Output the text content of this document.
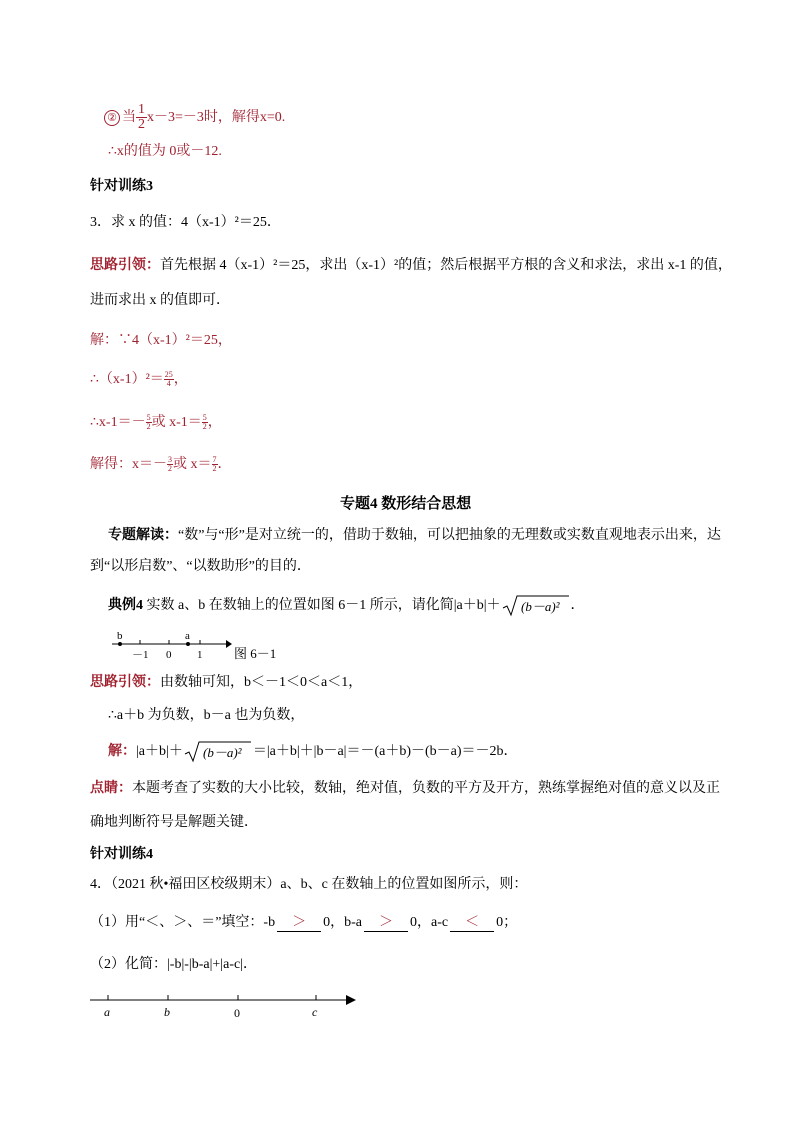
② 当 $\frac{1}{2} x-3=-3$时，解得x=0.
∴x的值为 0或－12.
针对训练3
3．求 x 的值：4（x-1）²＝25．
思路引领：首先根据 4（x-1）²＝25，求出（x-1）²的值；然后根据平方根的含义和求法，求出 x-1 的值，
进而求出 x 的值即可．
解：∵4（x-1）²＝25，
∴（x-1）²＝ $\frac{25}{4}$ ，
∴x-1＝－ $\frac{5}{2}$ 或 $x-1= \frac{5}{2}$ ，
解得：$x=- \frac{3}{2}$ 或 $x= \frac{7}{2}$ ．
专题4 数形结合思想
专题解读：“数”与“形”是对立统一的，借助于数轴，可以把抽象的无理数或实数直观地表示出来，达
到“以形启数”、“以数助形”的目的．
典例4 实数 a、b 在数轴上的位置如图 6－1 所示，请化简|a＋b|＋ (b－a)² ．
b	a
－1 0 1 图 6－1
思路引领：由数轴可知，b＜－1＜0＜a＜1，
∴a＋b 为负数，b－a 也为负数，
解：|a＋b|＋ (b－a)² ＝|a＋b|＋|b－a|＝－(a＋b)－(b－a)＝－2b．
点睛：本题考查了实数的大小比较，数轴，绝对值，负数的平方及开方，熟练掌握绝对值的意义以及正
确地判断符号是解题关键．
针对训练4
4．（2021 秋•福田区校级期末）a、b、c 在数轴上的位置如图所示，则：
（1）用“＜、＞、＝”填空：-b ＞ 0，b-a ＞ 0，a-c ＜ 0；
（2）化简：|-b|-|b-a|+|a-c|．
a	b	0	c
